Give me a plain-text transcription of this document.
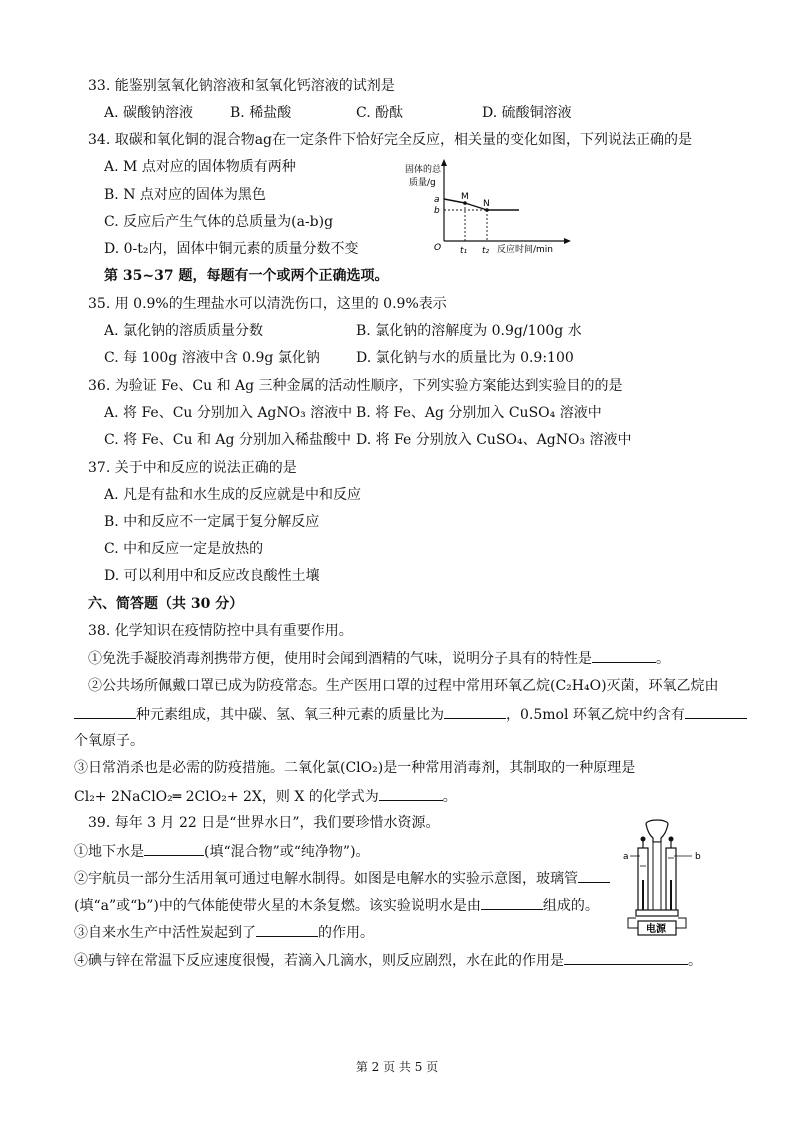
33. 能鉴别氢氧化钠溶液和氢氧化钙溶液的试剂是
A. 碳酸钠溶液	B. 稀盐酸	C. 酚酞	D. 硫酸铜溶液
34. 取碳和氧化铜的混合物ag在一定条件下恰好完全反应，相关量的变化如图，下列说法正确的是
A. M 点对应的固体物质有两种
B. N 点对应的固体为黑色
C. 反应后产生气体的总质量为(a-b)g
D. 0-t₂内，固体中铜元素的质量分数不变
固体的总
质量/g
a
b
M
N
O t₁ t₂ 反应时间/min
第 35~37 题，每题有一个或两个正确选项。
35. 用 0.9%的生理盐水可以清洗伤口，这里的 0.9%表示
A. 氯化钠的溶质质量分数	B. 氯化钠的溶解度为 0.9g/100g 水
C. 每 100g 溶液中含 0.9g 氯化钠	D. 氯化钠与水的质量比为 0.9:100
36. 为验证 Fe、Cu 和 Ag 三种金属的活动性顺序，下列实验方案能达到实验目的的是
A. 将 Fe、Cu 分别加入 AgNO₃ 溶液中 B. 将 Fe、Ag 分别加入 CuSO₄ 溶液中
C. 将 Fe、Cu 和 Ag 分别加入稀盐酸中 D. 将 Fe 分别放入 CuSO₄、AgNO₃ 溶液中
37. 关于中和反应的说法正确的是
A. 凡是有盐和水生成的反应就是中和反应
B. 中和反应不一定属于复分解反应
C. 中和反应一定是放热的
D. 可以利用中和反应改良酸性土壤
六、简答题（共 30 分）
38. 化学知识在疫情防控中具有重要作用。
①免洗手凝胶消毒剂携带方便，使用时会闻到酒精的气味，说明分子具有的特性是	。
②公共场所佩戴口罩已成为防疫常态。生产医用口罩的过程中常用环氧乙烷(C₂H₄O)灭菌，环氧乙烷由
种元素组成，其中碳、氢、氧三种元素的质量比为	，0.5mol 环氧乙烷中约含有
个氧原子。
③日常消杀也是必需的防疫措施。二氧化氯(ClO₂)是一种常用消毒剂，其制取的一种原理是
Cl₂+ 2NaClO₂═ 2ClO₂+ 2X，则 X 的化学式为	。
39. 每年 3 月 22 日是“世界水日”，我们要珍惜水资源。
①地下水是	(填“混合物”或“纯净物”)。
②宇航员一部分生活用氧可通过电解水制得。如图是电解水的实验示意图，玻璃管
(填“a”或“b”)中的气体能使带火星的木条复燃。该实验说明水是由	组成的。
③自来水生产中活性炭起到了	的作用。
④碘与锌在常温下反应速度很慢，若滴入几滴水，则反应剧烈，水在此的作用是	。
a	b
电源
第 2 页 共 5 页
